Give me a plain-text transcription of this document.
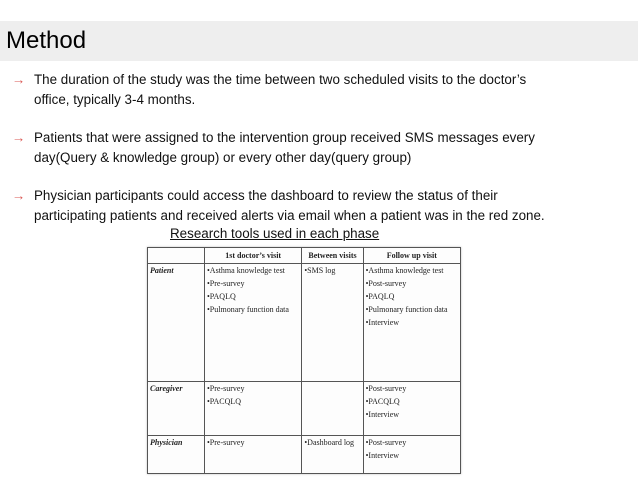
Method
→ The duration of the study was the time between two scheduled visits to the doctor’s
office, typically 3-4 months.
→ Patients that were assigned to the intervention group received SMS messages every
day(Query & knowledge group) or every other day(query group)
→ Physician participants could access the dashboard to review the status of their
participating patients and received alerts via email when a patient was in the red zone.
Research tools used in each phase
	1st doctor’s visit	Between visits	Follow up visit
Patient	•Asthma knowledge test
•Pre-survey
•PAQLQ
•Pulmonary function data	•SMS log	•Asthma knowledge test
•Post-survey
•PAQLQ
•Pulmonary function data
•Interview

Caregiver	•Pre-survey
•PACQLQ		•Post-survey
•PACQLQ
•Interview

Physician	•Pre-survey	•Dashboard log	•Post-survey
•Interview
